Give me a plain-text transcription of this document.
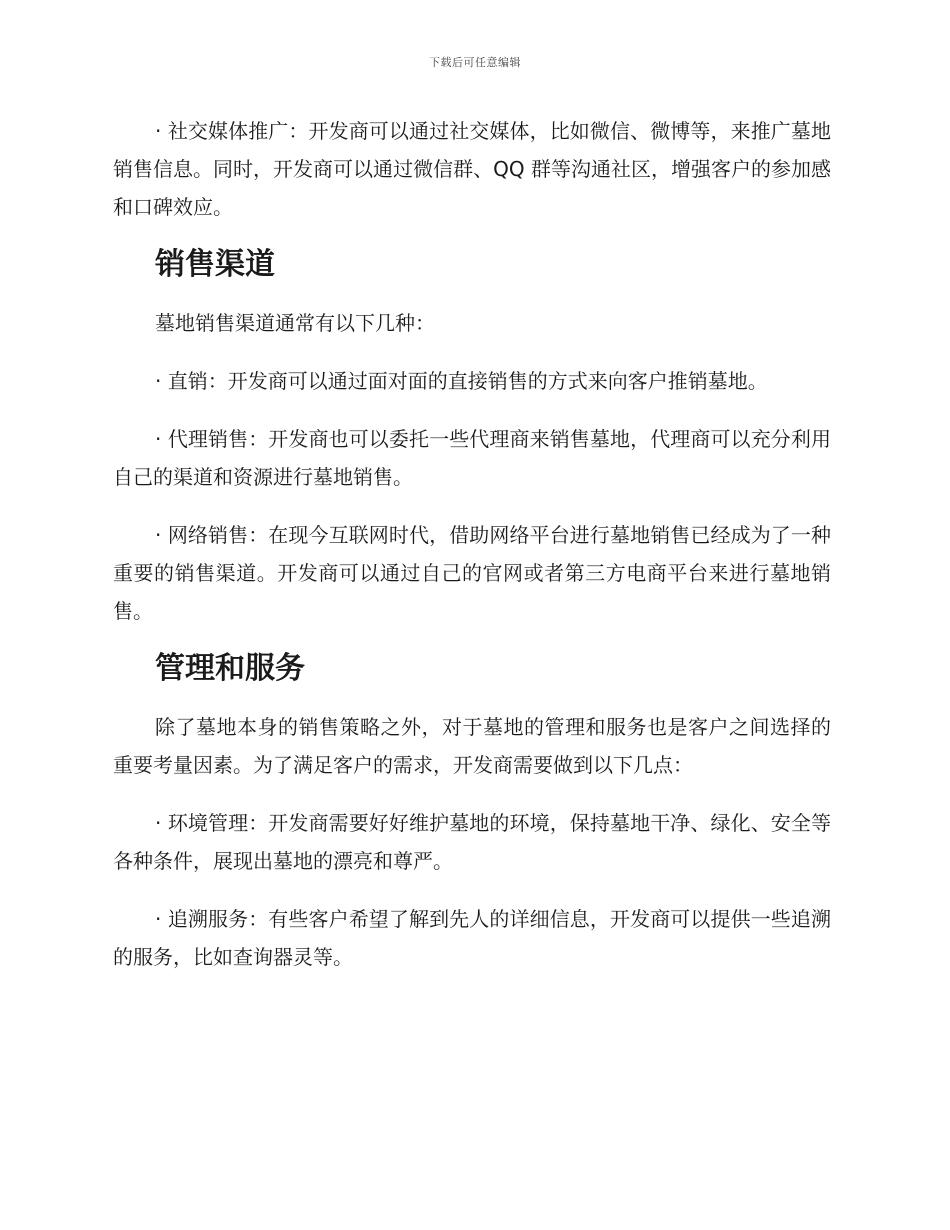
下载后可任意编辑

· 社交媒体推广：开发商可以通过社交媒体，比如微信、微博等，来推广墓地销售信息。同时，开发商可以通过微信群、QQ 群等沟通社区，增强客户的参加感和口碑效应。

销售渠道

墓地销售渠道通常有以下几种：

· 直销：开发商可以通过面对面的直接销售的方式来向客户推销墓地。

· 代理销售：开发商也可以委托一些代理商来销售墓地，代理商可以充分利用自己的渠道和资源进行墓地销售。

· 网络销售：在现今互联网时代，借助网络平台进行墓地销售已经成为了一种重要的销售渠道。开发商可以通过自己的官网或者第三方电商平台来进行墓地销售。

管理和服务

除了墓地本身的销售策略之外，对于墓地的管理和服务也是客户之间选择的重要考量因素。为了满足客户的需求，开发商需要做到以下几点：

· 环境管理：开发商需要好好维护墓地的环境，保持墓地干净、绿化、安全等各种条件，展现出墓地的漂亮和尊严。

· 追溯服务：有些客户希望了解到先人的详细信息，开发商可以提供一些追溯的服务，比如查询器灵等。
